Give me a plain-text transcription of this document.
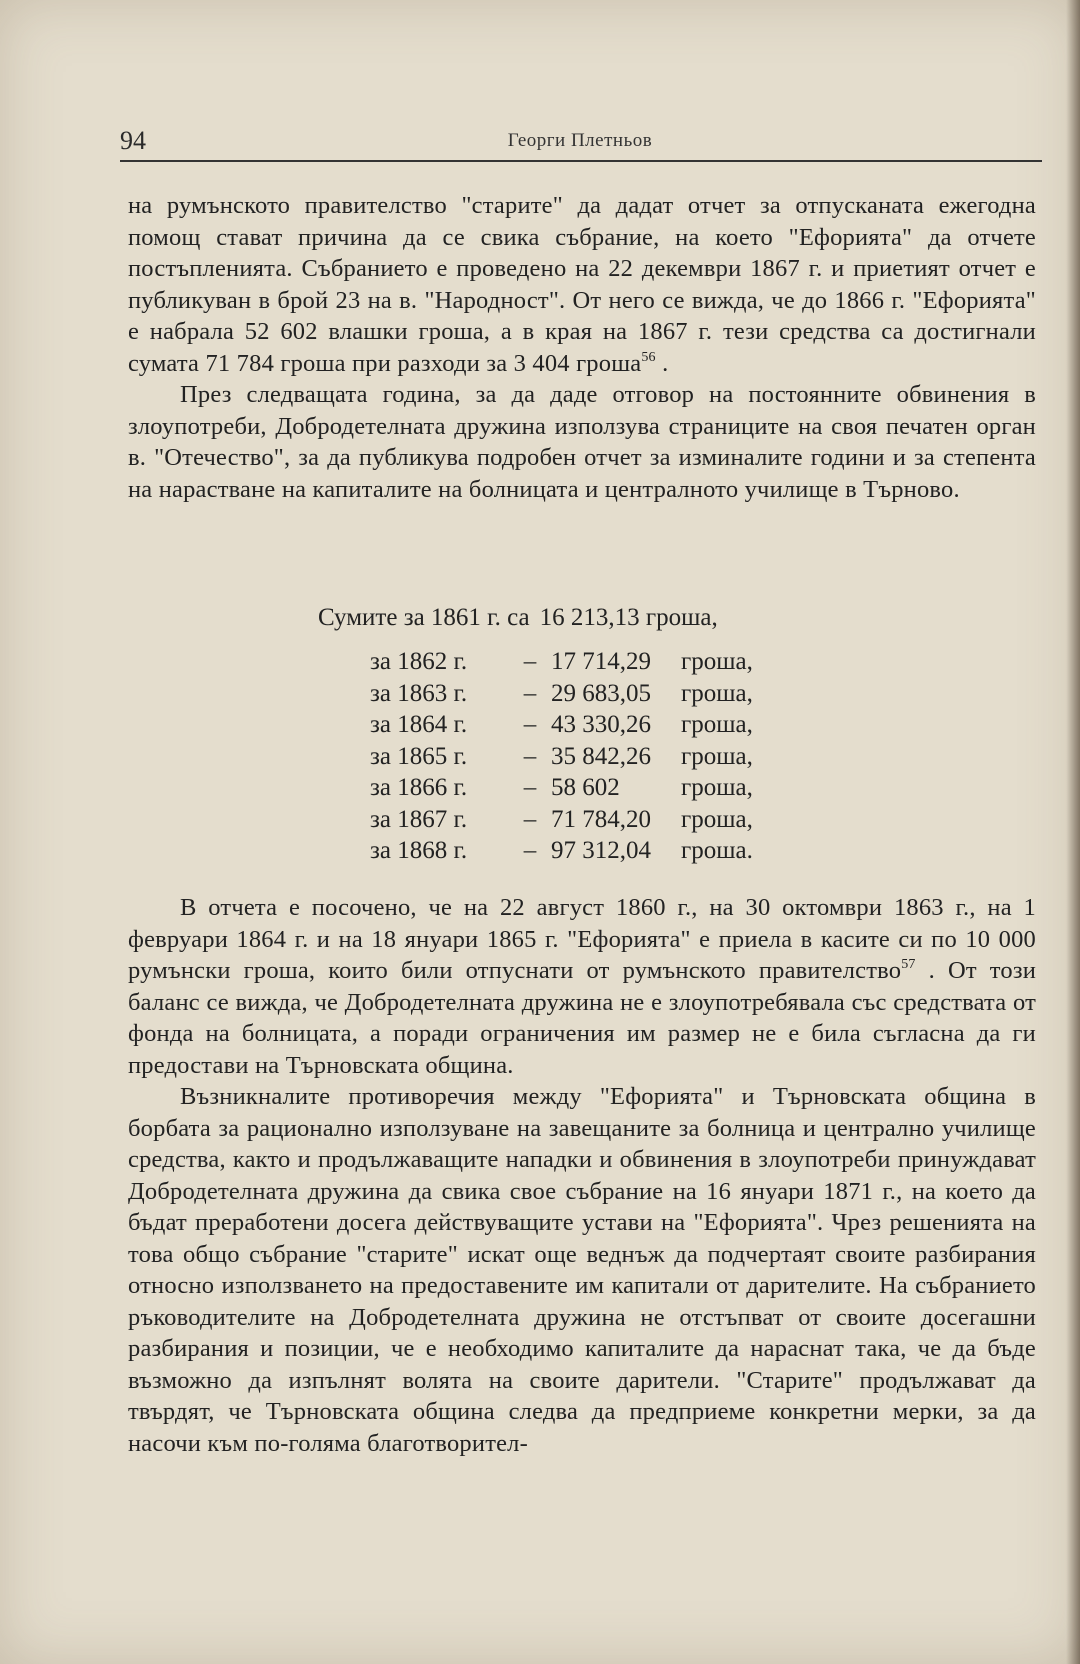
94	Георги Плетньов

на румънското правителство "старите" да дадат отчет за отпусканата ежегодна помощ стават причина да се свика събрание, на което "Ефорията" да отчете постъпленията. Събранието е проведено на 22 декември 1867 г. и приетият отчет е публикуван в брой 23 на в. "Народност". От него се вижда, че до 1866 г. "Ефорията" е набрала 52 602 влашки гроша, а в края на 1867 г. тези средства са достигнали сумата 71 784 гроша при разходи за 3 404 гроша$^{56}$ .

През следващата година, за да даде отговор на постоянните обвинения в злоупотреби, Добродетелната дружина използува страниците на своя печатен орган в. "Отечество", за да публикува подробен отчет за изминалите години и за степента на нарастване на капиталите на болницата и централното училище в Търново.

Сумите за 1861 г. са 16 213,13 гроша,
за 1862 г.	– 17 714,29	гроша,
за 1863 г.	– 29 683,05	гроша,
за 1864 г.	– 43 330,26	гроша,
за 1865 г.	– 35 842,26	гроша,
за 1866 г.	– 58 602	гроша,
за 1867 г.	– 71 784,20	гроша,
за 1868 г.	– 97 312,04	гроша.

В отчета е посочено, че на 22 август 1860 г., на 30 октомври 1863 г., на 1 февруари 1864 г. и на 18 януари 1865 г. "Ефорията" е приела в касите си по 10 000 румънски гроша, които били отпуснати от румънското правителство$^{57}$ . От този баланс се вижда, че Добродетелната дружина не е злоупотребявала със средствата от фонда на болницата, а поради ограничения им размер не е била съгласна да ги предостави на Търновската община.

Възникналите противоречия между "Ефорията" и Търновската община в борбата за рационално използуване на завещаните за болница и централно училище средства, както и продължаващите нападки и обвинения в злоупотреби принуждават Добродетелната дружина да свика свое събрание на 16 януари 1871 г., на което да бъдат преработени досега действуващите устави на "Ефорията". Чрез решенията на това общо събрание "старите" искат още веднъж да подчертаят своите разбирания относно използването на предоставените им капитали от дарителите. На събранието ръководителите на Добродетелната дружина не отстъпват от своите досегашни разбирания и позиции, че е необходимо капиталите да нараснат така, че да бъде възможно да изпълнят волята на своите дарители. "Старите" продължават да твърдят, че Търновската община следва да предприеме конкретни мерки, за да насочи към по-голяма благотворител-
